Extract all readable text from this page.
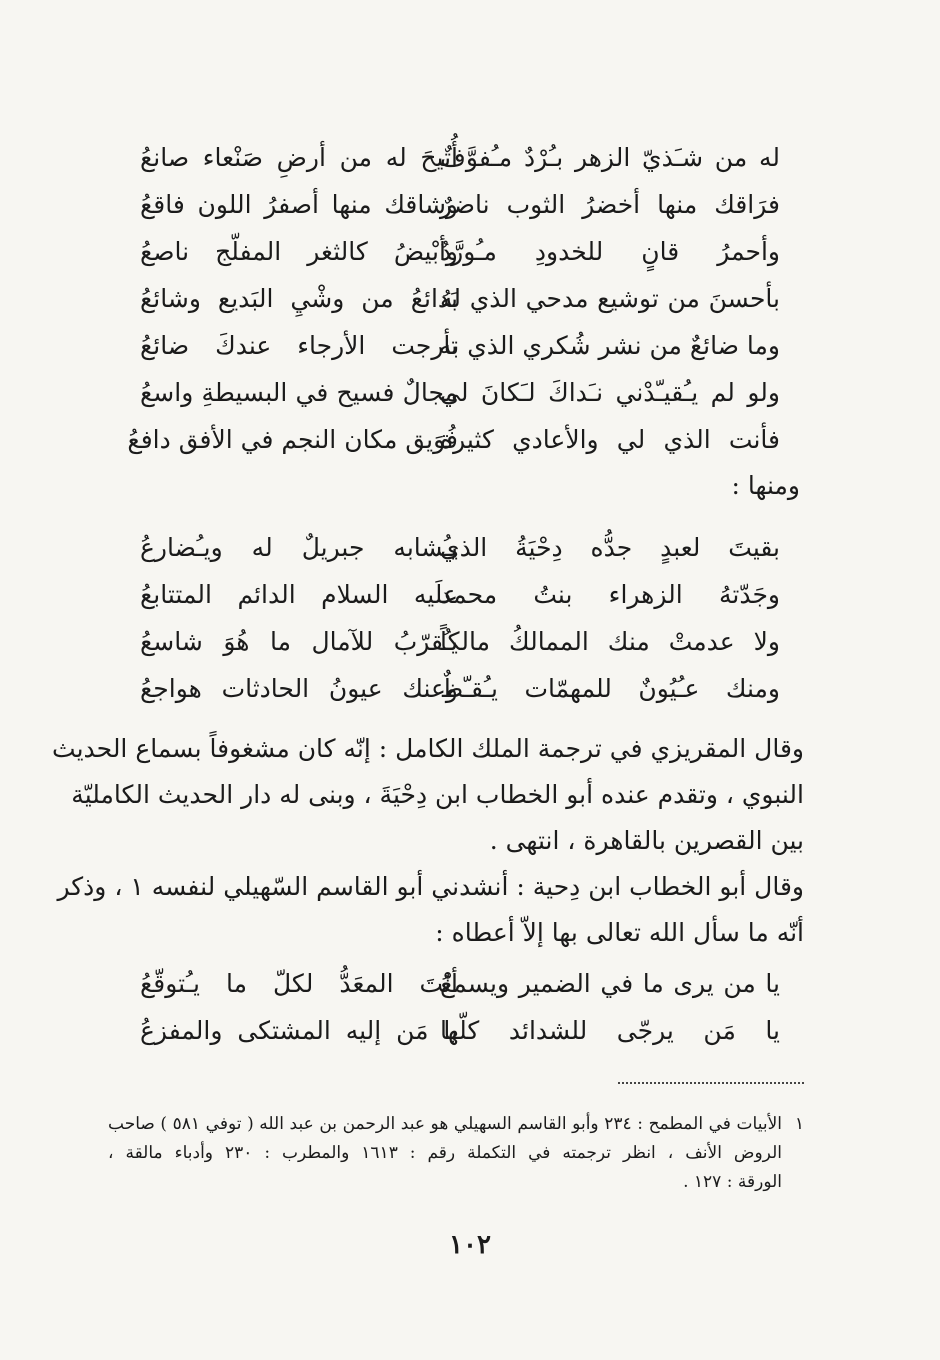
له من شـَذيّ الزهر بـُرْدٌ مـُفوَّفٌ
أُتيحَ له من أرضِ صَنْعاء صانعُ
فرَاقك منها أخضرُ الثوب ناضرٌ
وشاقك منها أصفرُ اللون فاقعُ
وأحمرُ قانٍ للخدودِ مـُورَّدٌ
وأبْيضُ كالثغر المفلّج ناصعُ
بأحسنَ من توشيع مدحي الذي لهُ
بَدائعُ من وشْيِ البَديع وشائعُ
وما ضائعٌ من نشر شُكري الذي به
تأرجت الأرجاء عندكَ ضائعُ
ولو لم يـُقيـّدْني نـَداكَ لـَكانَ لي
مجالٌ فسيح في البسيطةِ واسعُ
فأنت الذي لي والأعادي كثيرة
فُوَيق مكان النجم في الأفق دافعُ
ومنها :
بقيتَ لعبدٍ جدُّه دِحْيَةُ الذي
يـُشابه جبريلٌ له ويـُضارعُ
وجَدّتهُ الزهراء بنتُ محمد
علَيه السلام الدائم المتتابعُ
ولا عدمتْ منك الممالكُ مالكاً
يـُقرّبُ للآمال ما هُوَ شاسعُ
ومنك عـُيُونٌ للمهمّات يـُقـّظٌ
وعنك عيونُ الحادثات هواجعُ
وقال المقريزي في ترجمة الملك الكامل : إنّه كان مشغوفاً بسماع الحديث
النبوي ، وتقدم عنده أبو الخطاب ابن دِحْيَةَ ، وبنى له دار الحديث الكامليّة
بين القصرين بالقاهرة ، انتهى .
وقال أبو الخطاب ابن دِحية : أنشدني أبو القاسم السّهيلي لنفسه ١ ، وذكر
أنّه ما سأل الله تعالى بها إلاّ أعطاه :
يا من يرى ما في الضمير ويسمعُ
أنْتَ المعَدُّ لكلّ ما يـُتوقّعُ
يا مَن يرجّى للشدائد كلّها
يا مَن إليه المشتكى والمفزعُ
١الأبيات في المطمح : ٢٣٤ وأبو القاسم السهيلي هو عبد الرحمن بن عبد الله ( توفي ٥٨١ ) صاحب
الروض الأنف ، انظر ترجمته في التكملة رقم : ١٦١٣ والمطرب : ٢٣٠ وأدباء مالقة ،
الورقة : ١٢٧ .
١٠٢
